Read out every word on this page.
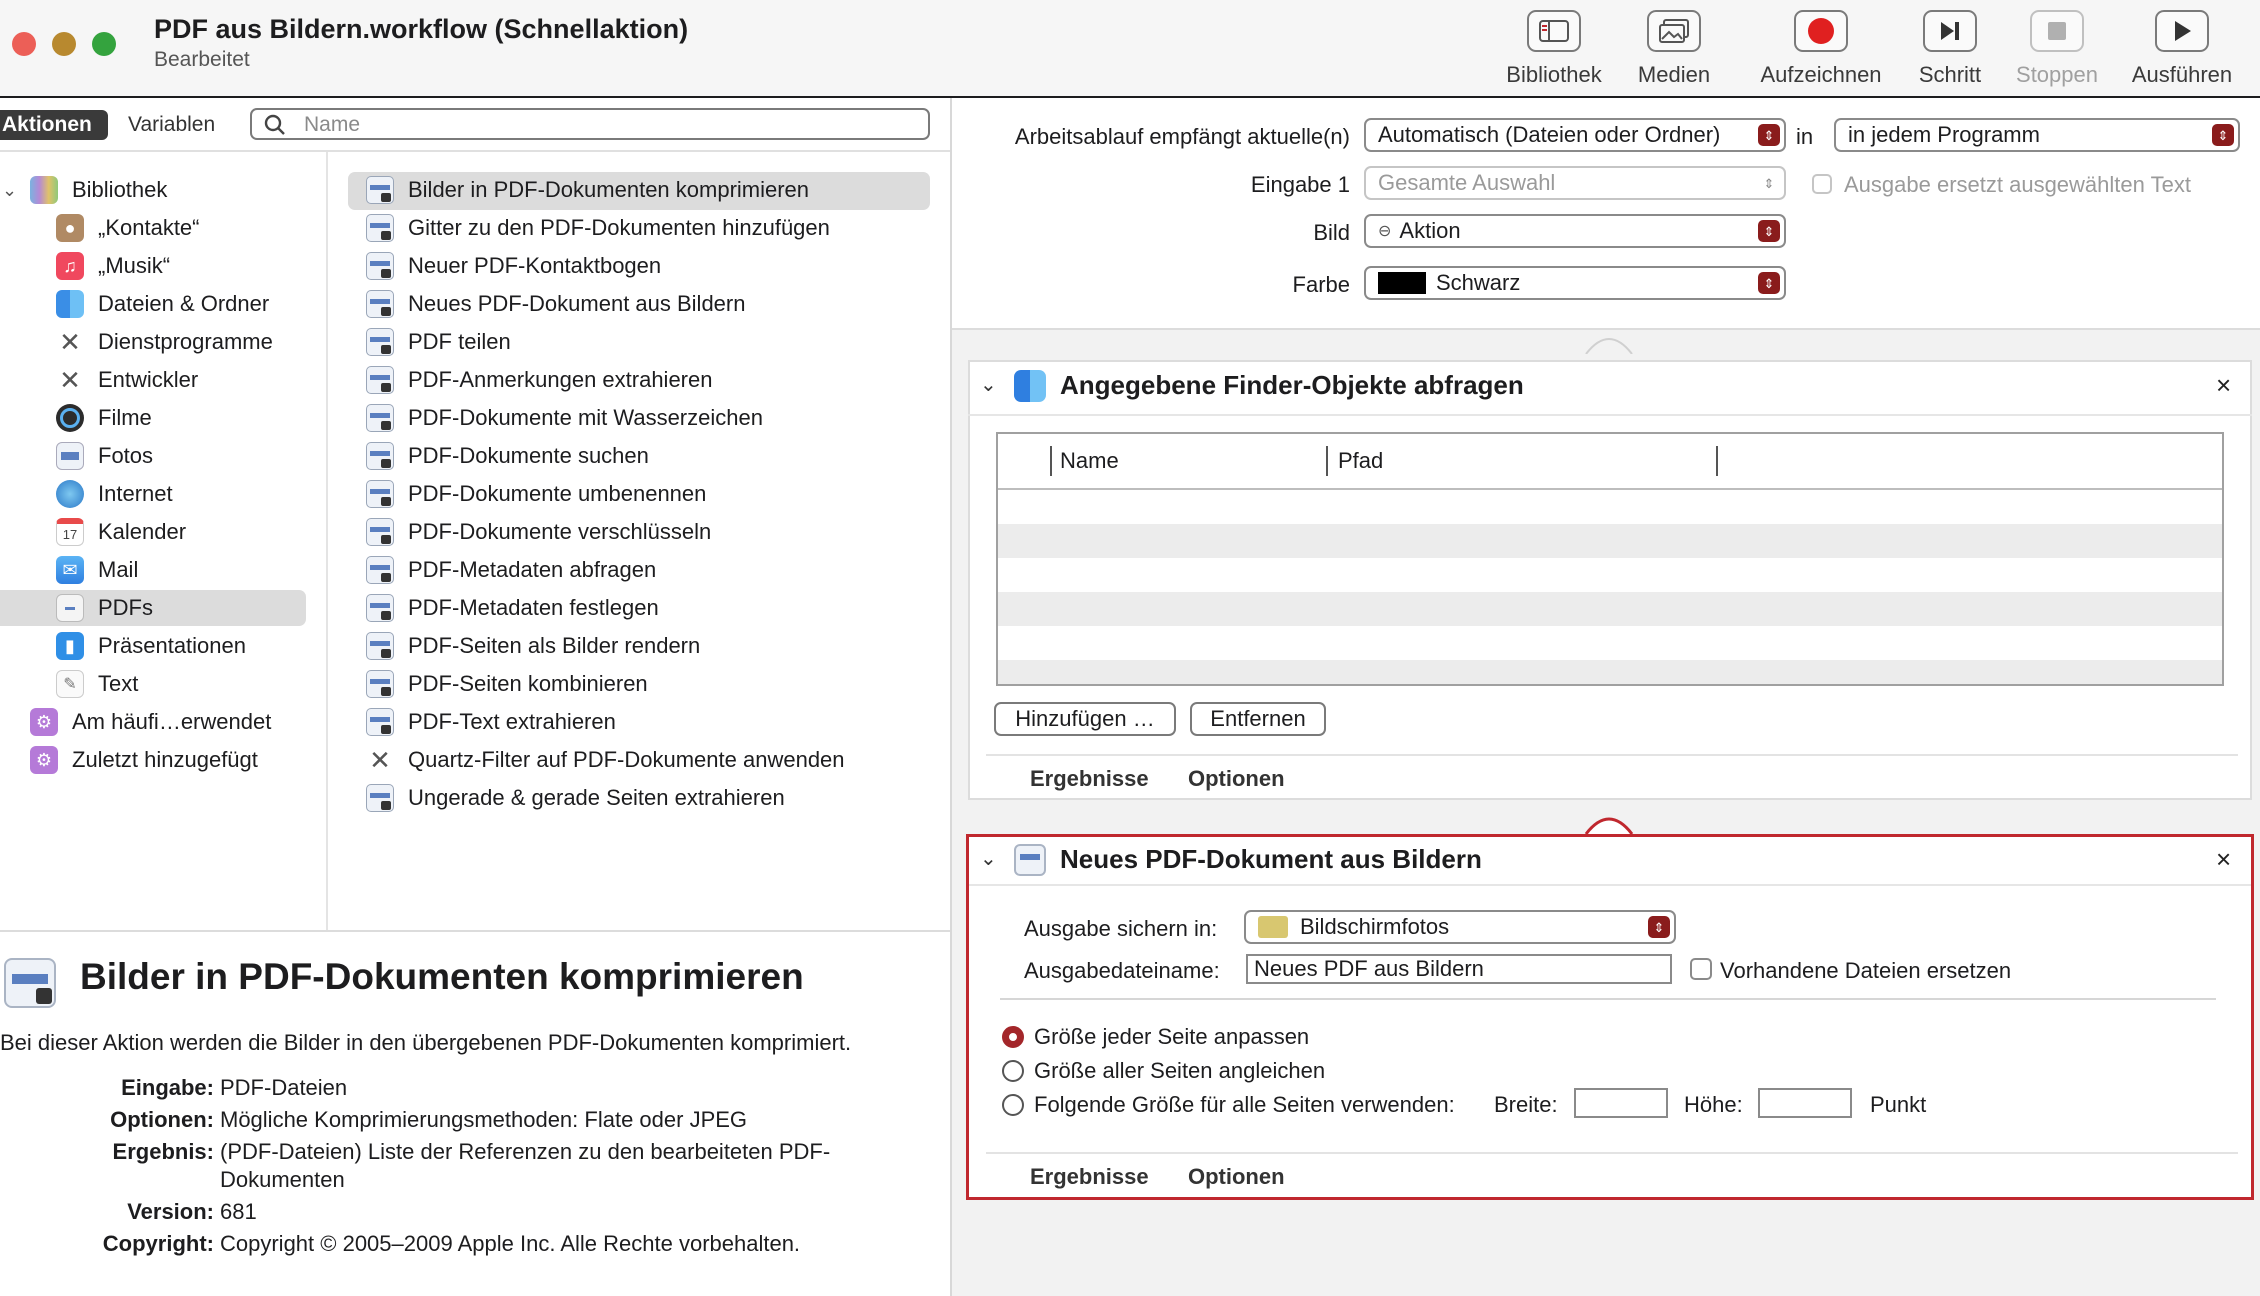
PDF aus Bildern.workflow (Schnellaktion)
Bearbeitet
Bibliothek	Medien	Aufzeichnen	Schritt	Stoppen	Ausführen
Aktionen	Variablen
Name
⌄ Bibliothek
●	„Kontakte“
♫ „Musik“
Dateien & Ordner
✕ Dienstprogramme
✕ Entwickler
Filme
Fotos
Internet
17 Kalender
✉ Mail
PDFs
▮	Präsentationen
✎ Text
⚙ Am häufi…erwendet
⚙ Zuletzt hinzugefügt
Bilder in PDF-Dokumenten komprimieren
Gitter zu den PDF-Dokumenten hinzufügen
Neuer PDF-Kontaktbogen
Neues PDF-Dokument aus Bildern
PDF teilen
PDF-Anmerkungen extrahieren
PDF-Dokumente mit Wasserzeichen
PDF-Dokumente suchen
PDF-Dokumente umbenennen
PDF-Dokumente verschlüsseln
PDF-Metadaten abfragen
PDF-Metadaten festlegen
PDF-Seiten als Bilder rendern
PDF-Seiten kombinieren
PDF-Text extrahieren
✕ Quartz-Filter auf PDF-Dokumente anwenden
Ungerade & gerade Seiten extrahieren
Bilder in PDF-Dokumenten komprimieren
Bei dieser Aktion werden die Bilder in den übergebenen PDF-Dokumenten komprimiert.
Eingabe: PDF-Dateien
Optionen: Mögliche Komprimierungsmethoden: Flate oder JPEG
Ergebnis: (PDF-Dateien) Liste der Referenzen zu den bearbeiteten PDF-
Dokumenten
Version: 681
Copyright: Copyright © 2005–2009 Apple Inc. Alle Rechte vorbehalten.
Arbeitsablauf empfängt aktuelle(n) Automatisch (Dateien oder Ordner)	⇕ in in jedem Programm	⇕
Eingabe 1 Gesamte Auswahl	⇕	Ausgabe ersetzt ausgewählten Text
Bild ⊖ Aktion	⇕
Farbe	Schwarz	⇕
⌄ Angegebene Finder-Objekte abfragen	×
Name	Pfad
Hinzufügen …	Entfernen
Ergebnisse Optionen
⌄ Neues PDF-Dokument aus Bildern	×
Ausgabe sichern in:	Bildschirmfotos	⇕
Ausgabedateiname:	Neues PDF aus Bildern	Vorhandene Dateien ersetzen
Größe jeder Seite anpassen
Größe aller Seiten angleichen
Folgende Größe für alle Seiten verwenden: Breite:	Höhe:	Punkt
Ergebnisse Optionen
